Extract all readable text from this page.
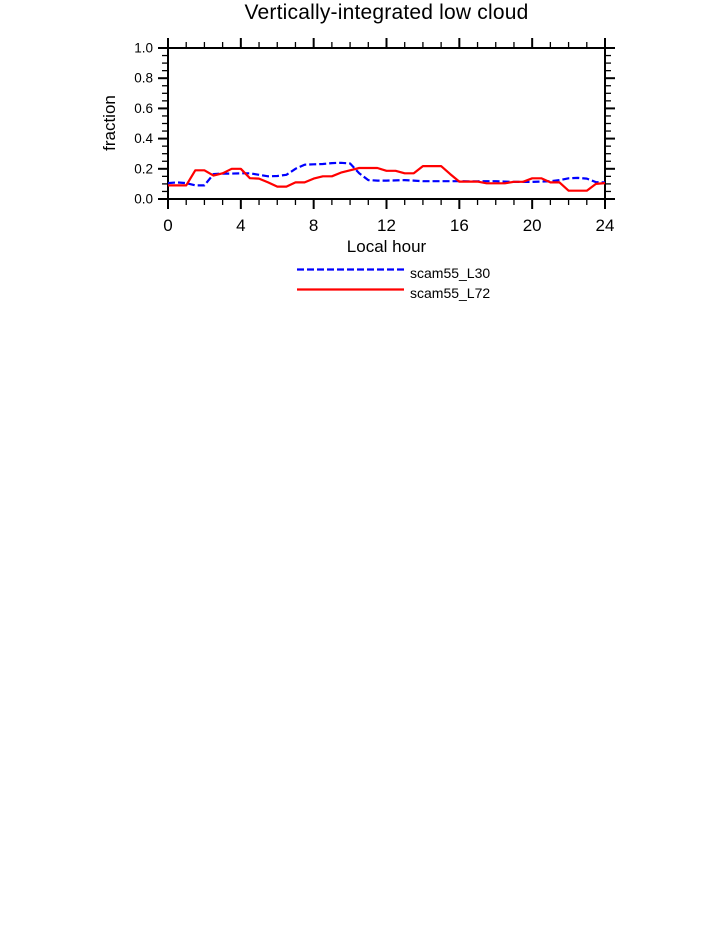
Vertically-integrated low cloud
0	4	8	12	16	20	24
0.0
0.2
0.4
0.6
0.8
1.0
Local hour
fraction
scam55_L30
scam55_L72
